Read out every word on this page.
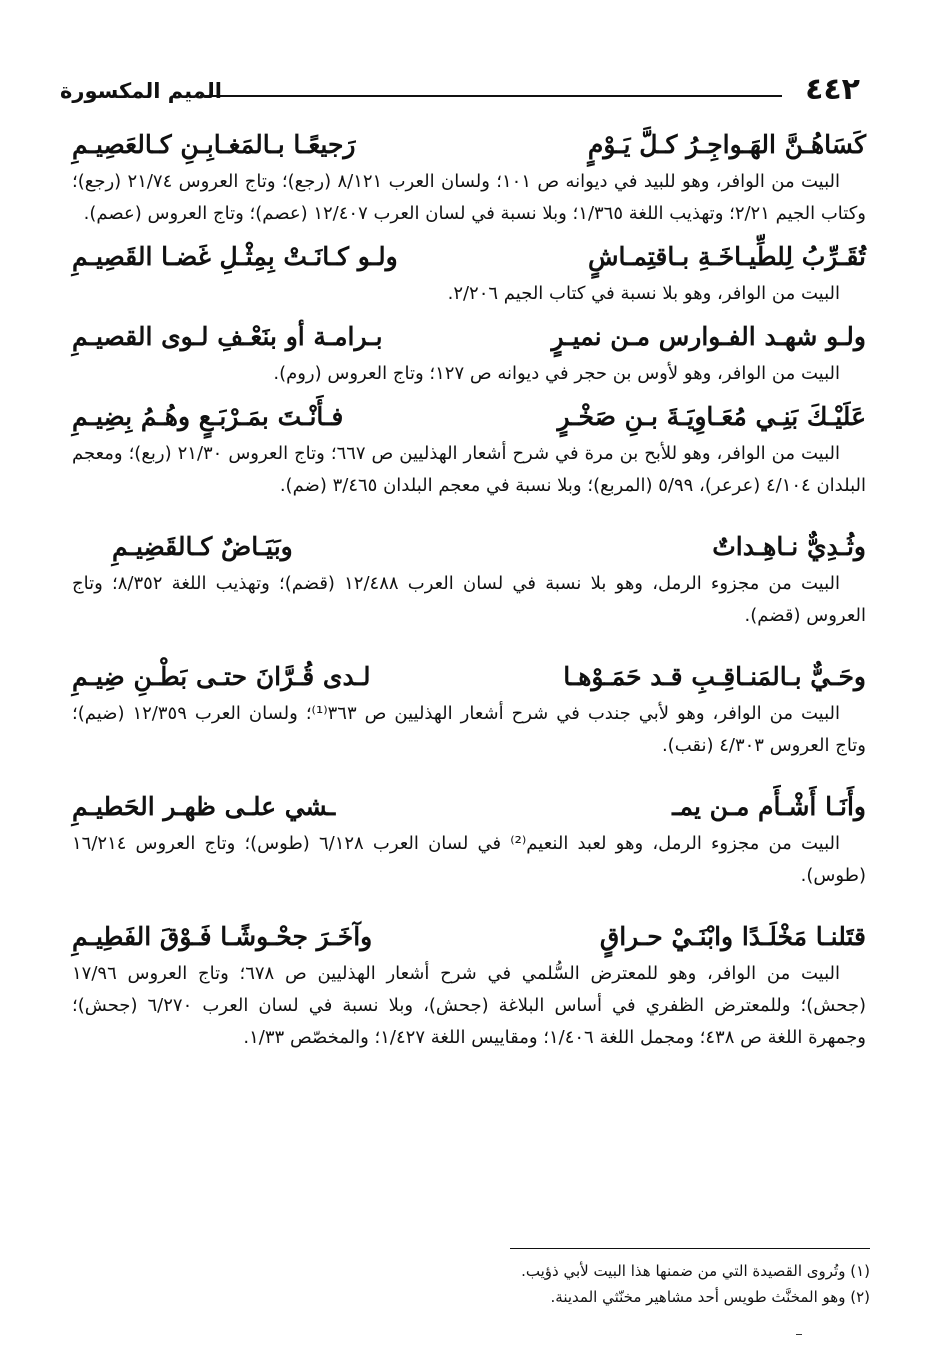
٤٤٢
الميم المكسورة
كَسَاهُـنَّ الهَـواجِـرُ كـلَّ يَـوْمٍ
رَجيعًـا بـالمَغـابِـنِ كـالعَصِيـمِ

البيت من الوافر، وهو للبيد في ديوانه ص ١٠١؛ ولسان العرب ٨/١٢١ (رجع)؛ وتاج العروس ٢١/٧٤ (رجع)؛ وكتاب الجيم ٢/٢١؛ وتهذيب اللغة ١/٣٦٥؛ وبلا نسبة في لسان العرب ١٢/٤٠٧ (عصم)؛ وتاج العروس (عصم).

تُقَـرِّبُ لِلطِّيـاخَـةِ بـاقتِمـاشٍ
ولـو كـانَـتْ بِمِثْـلِ غَضـا القَصِيـمِ

البيت من الوافر، وهو بلا نسبة في كتاب الجيم ٢/٢٠٦.

ولـو شهـد الفـوارس مـن نميـرٍ
بـرامـة أو بنَعْـفِ لـوى القصيـمِ

البيت من الوافر، وهو لأوس بن حجر في ديوانه ص ١٢٧؛ وتاج العروس (روم).

عَلَيْـكَ بَنِـي مُعَـاوِيَـةَ بـنِ صَخْـرٍ
فـأَنْـتَ بمَـرْبَـعٍ وهُـمُ بِضِيـمِ

البيت من الوافر، وهو للأبح بن مرة في شرح أشعار الهذليين ص ٦٦٧؛ وتاج العروس ٢١/٣٠ (ربع)؛ ومعجم البلدان ٤/١٠٤ (عرعر)، ٥/٩٩ (المربع)؛ وبلا نسبة في معجم البلدان ٣/٤٦٥ (ضم).

وثُـدِيٌّ نـاهِـداتٌ
وبَيَـاضٌ كـالقَضِيـمِ

البيت من مجزوء الرمل، وهو بلا نسبة في لسان العرب ١٢/٤٨٨ (قضم)؛ وتهذيب اللغة ٨/٣٥٢؛ وتاج العروس (قضم).

وحَـيٌّ بـالمَنـاقِـبِ قـد حَمَـوْهـا
لـدى قُـرَّانَ حتـى بَطْـنِ ضِيـمِ

البيت من الوافر، وهو لأبي جندب في شرح أشعار الهذليين ص ٣٦٣⁽¹⁾؛ ولسان العرب ١٢/٣٥٩ (ضيم)؛ وتاج العروس ٤/٣٠٣ (نقب).

وأَنَـا أَشْـأَم مـن يمـ
ـشي علـى ظهـر الحَطيـمِ

البيت من مجزوء الرمل، وهو لعبد النعيم⁽²⁾ في لسان العرب ٦/١٢٨ (طوس)؛ وتاج العروس ١٦/٢١٤ (طوس).

قتَلنـا مَخْلَـدًا وابْنَـيْ حـراقٍ
وآخَـرَ جحْـوشًـا فَـوْقَ الفَطِيـمِ

البيت من الوافر، وهو للمعترض السُّلمي في شرح أشعار الهذليين ص ٦٧٨؛ وتاج العروس ١٧/٩٦ (جحش)؛ وللمعترض الظفري في أساس البلاغة (جحش)، وبلا نسبة في لسان العرب ٦/٢٧٠ (جحش)؛ وجمهرة اللغة ص ٤٣٨؛ ومجمل اللغة ١/٤٠٦؛ ومقاييس اللغة ١/٤٢٧؛ والمخصّص ١/٣٣.

(١) وتُروى القصيدة التي من ضمنها هذا البيت لأبي ذؤيب.
(٢) وهو المخنَّث طويس أحد مشاهير مخنّثي المدينة.
